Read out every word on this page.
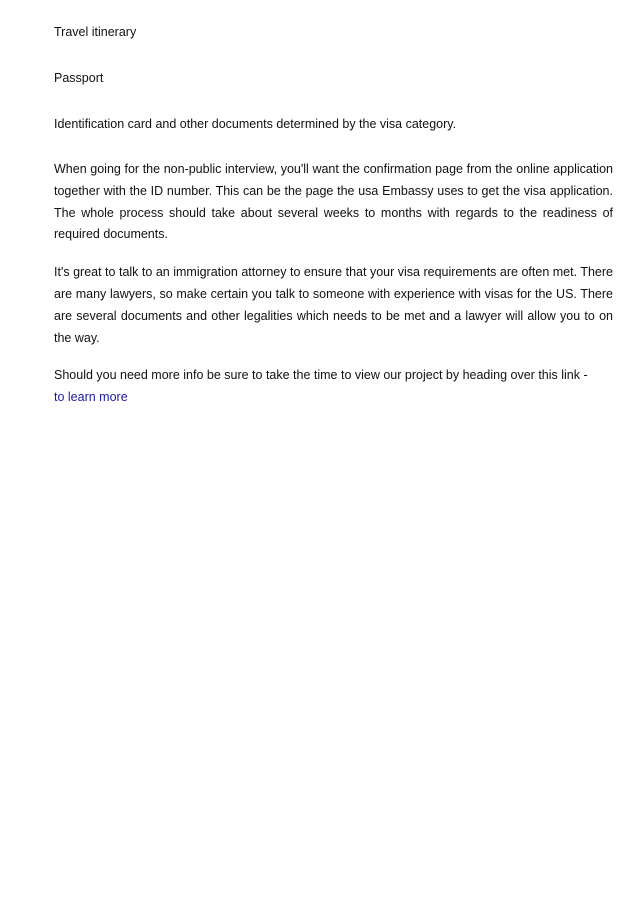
Travel itinerary
Passport
Identification card and other documents determined by the visa category.

When going for the non-public interview, you'll want the confirmation page from the online application together with the ID number. This can be the page the usa Embassy uses to get the visa application. The whole process should take about several weeks to months with regards to the readiness of required documents.

It's great to talk to an immigration attorney to ensure that your visa requirements are often met. There are many lawyers, so make certain you talk to someone with experience with visas for the US. There are several documents and other legalities which needs to be met and a lawyer will allow you to on the way.

Should you need more info be sure to take the time to view our project by heading over this link -
to learn more
